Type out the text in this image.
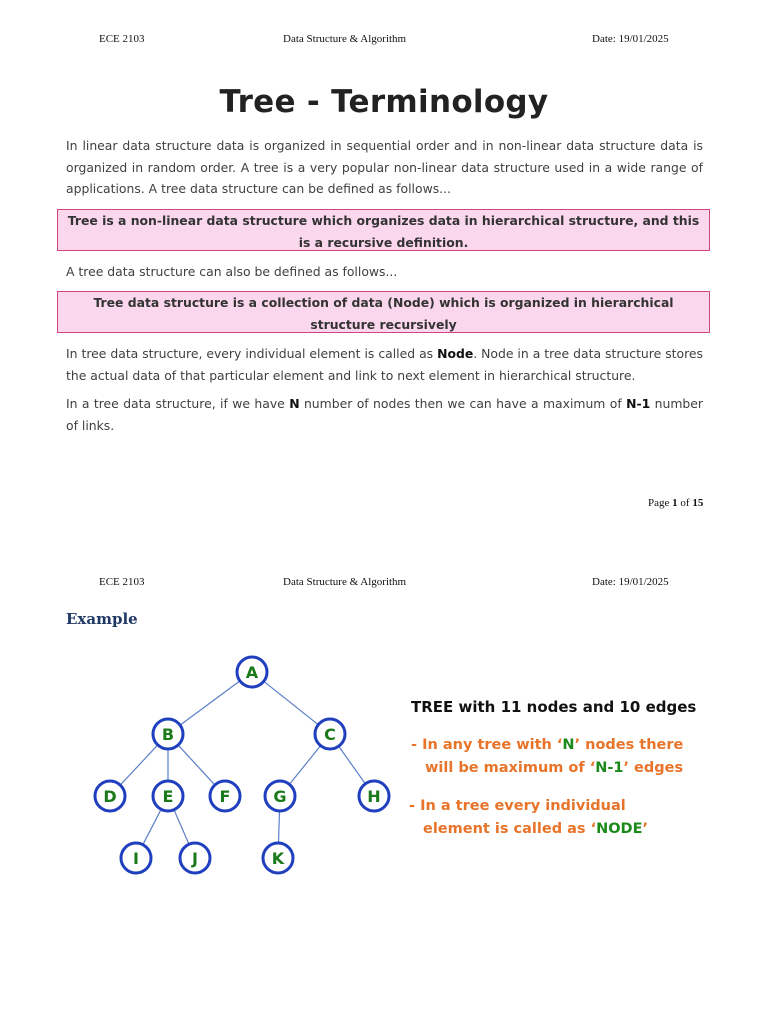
ECE 2103	Data Structure & Algorithm	Date: 19/01/2025
Tree - Terminology
In linear data structure data is organized in sequential order and in non-linear data structure data is organized in random order. A tree is a very popular non-linear data structure used in a wide range of applications. A tree data structure can be defined as follows...
Tree is a non-linear data structure which organizes data in hierarchical structure, and this is a recursive definition.
A tree data structure can also be defined as follows...
Tree data structure is a collection of data (Node) which is organized in hierarchical structure recursively
In tree data structure, every individual element is called as Node. Node in a tree data structure stores the actual data of that particular element and link to next element in hierarchical structure.
In a tree data structure, if we have N number of nodes then we can have a maximum of N-1 number of links.
Page 1 of 15
ECE 2103	Data Structure & Algorithm	Date: 19/01/2025
Example
A
B	C
D	E	F	G	H
I	J	K
TREE with 11 nodes and 10 edges
- In any tree with ‘N’ nodes there
will be maximum of ‘N-1’ edges
- In a tree every individual
element is called as ‘NODE’
